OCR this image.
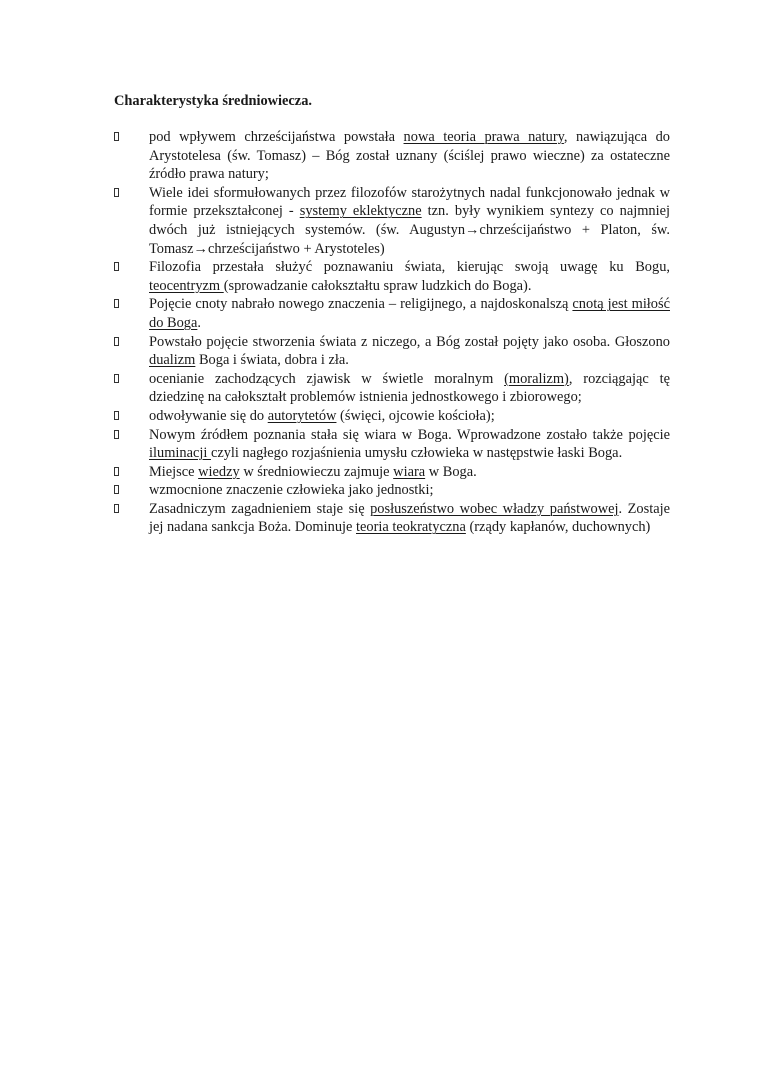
Charakterystyka średniowiecza.
pod wpływem chrześcijaństwa powstała nowa teoria prawa natury, nawiązująca do Arystotelesa (św. Tomasz) – Bóg został uznany (ściślej prawo wieczne) za ostateczne źródło prawa natury;
Wiele idei sformułowanych przez filozofów starożytnych nadal funkcjonowało jednak w formie przekształconej - systemy eklektyczne tzn. były wynikiem syntezy co najmniej dwóch już istniejących systemów. (św. Augustyn→chrześcijaństwo + Platon, św. Tomasz→chrześcijaństwo + Arystoteles)
Filozofia przestała służyć poznawaniu świata, kierując swoją uwagę ku Bogu, teocentryzm (sprowadzanie całokształtu spraw ludzkich do Boga).
Pojęcie cnoty nabrało nowego znaczenia – religijnego, a najdoskonalszą cnotą jest miłość do Boga.
Powstało pojęcie stworzenia świata z niczego, a Bóg został pojęty jako osoba. Głoszono dualizm Boga i świata, dobra i zła.
ocenianie zachodzących zjawisk w świetle moralnym (moralizm), rozciągając tę dziedzinę na całokształt problemów istnienia jednostkowego i zbiorowego;
odwoływanie się do autorytetów (święci, ojcowie kościoła);
Nowym źródłem poznania stała się wiara w Boga. Wprowadzone zostało także pojęcie iluminacji czyli nagłego rozjaśnienia umysłu człowieka w następstwie łaski Boga.
Miejsce wiedzy w średniowieczu zajmuje wiara w Boga.
wzmocnione znaczenie człowieka jako jednostki;
Zasadniczym zagadnieniem staje się posłuszeństwo wobec władzy państwowej. Zostaje jej nadana sankcja Boża. Dominuje teoria teokratyczna (rządy kapłanów, duchownych)
